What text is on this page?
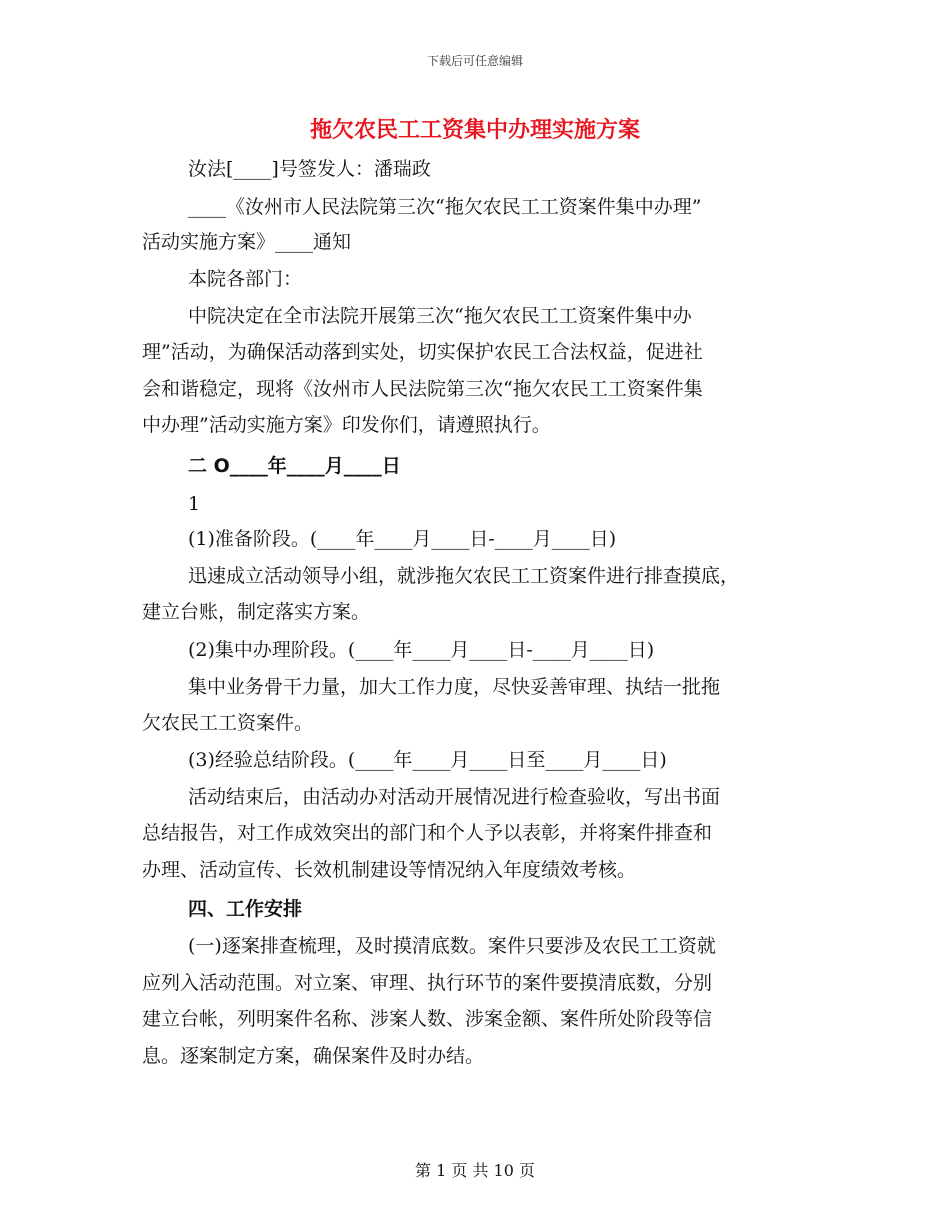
下载后可任意编辑
拖欠农民工工资集中办理实施方案
汝法[____]号签发人：潘瑞政
____《汝州市人民法院第三次“拖欠农民工工资案件集中办理”
活动实施方案》____通知
本院各部门：
中院决定在全市法院开展第三次“拖欠农民工工资案件集中办
理”活动，为确保活动落到实处，切实保护农民工合法权益，促进社
会和谐稳定，现将《汝州市人民法院第三次“拖欠农民工工资案件集
中办理”活动实施方案》印发你们，请遵照执行。
二 O____年____月____日
1
(1)准备阶段。(____年____月____日-____月____日)
迅速成立活动领导小组，就涉拖欠农民工工资案件进行排查摸底，
建立台账，制定落实方案。
(2)集中办理阶段。(____年____月____日-____月____日)
集中业务骨干力量，加大工作力度，尽快妥善审理、执结一批拖
欠农民工工资案件。
(3)经验总结阶段。(____年____月____日至____月____日)
活动结束后，由活动办对活动开展情况进行检查验收，写出书面
总结报告，对工作成效突出的部门和个人予以表彰，并将案件排查和
办理、活动宣传、长效机制建设等情况纳入年度绩效考核。
四、工作安排
(一)逐案排查梳理，及时摸清底数。案件只要涉及农民工工资就
应列入活动范围。对立案、审理、执行环节的案件要摸清底数，分别
建立台帐，列明案件名称、涉案人数、涉案金额、案件所处阶段等信
息。逐案制定方案，确保案件及时办结。
第 1 页 共 10 页
